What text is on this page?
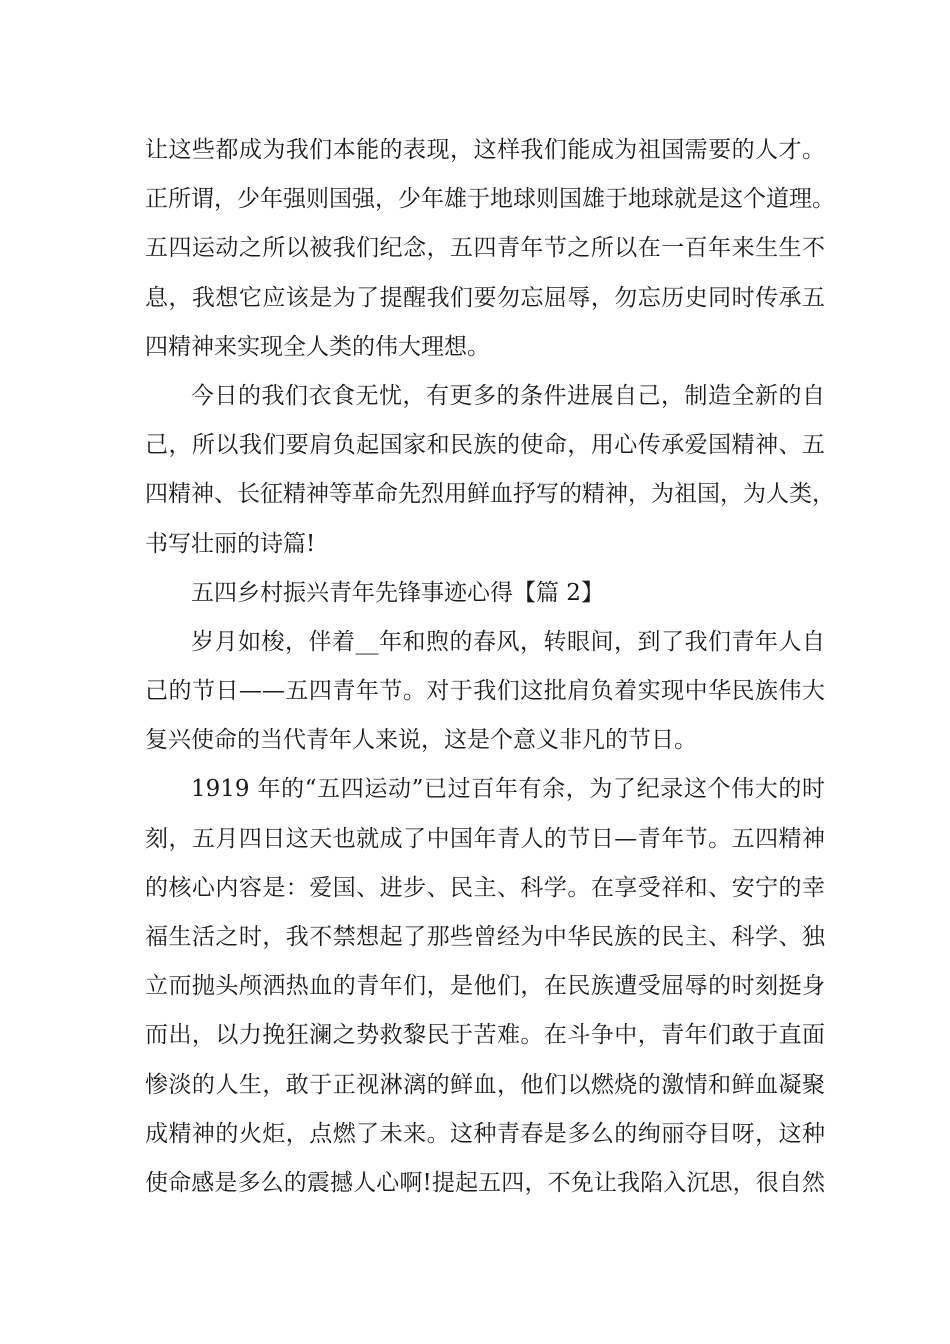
让这些都成为我们本能的表现，这样我们能成为祖国需要的人才。
正所谓，少年强则国强，少年雄于地球则国雄于地球就是这个道理。
五四运动之所以被我们纪念，五四青年节之所以在一百年来生生不
息，我想它应该是为了提醒我们要勿忘屈辱，勿忘历史同时传承五
四精神来实现全人类的伟大理想。
今日的我们衣食无忧，有更多的条件进展自己，制造全新的自
己，所以我们要肩负起国家和民族的使命，用心传承爱国精神、五
四精神、长征精神等革命先烈用鲜血抒写的精神，为祖国，为人类，
书写壮丽的诗篇!
五四乡村振兴青年先锋事迹心得【篇 2】
岁月如梭，伴着__年和煦的春风，转眼间，到了我们青年人自
己的节日——五四青年节。对于我们这批肩负着实现中华民族伟大
复兴使命的当代青年人来说，这是个意义非凡的节日。
1919 年的“五四运动”已过百年有余，为了纪录这个伟大的时
刻，五月四日这天也就成了中国年青人的节日—青年节。五四精神
的核心内容是：爱国、进步、民主、科学。在享受祥和、安宁的幸
福生活之时，我不禁想起了那些曾经为中华民族的民主、科学、独
立而抛头颅洒热血的青年们，是他们，在民族遭受屈辱的时刻挺身
而出，以力挽狂澜之势救黎民于苦难。在斗争中，青年们敢于直面
惨淡的人生，敢于正视淋漓的鲜血，他们以燃烧的激情和鲜血凝聚
成精神的火炬，点燃了未来。这种青春是多么的绚丽夺目呀，这种
使命感是多么的震撼人心啊!提起五四，不免让我陷入沉思，很自然
